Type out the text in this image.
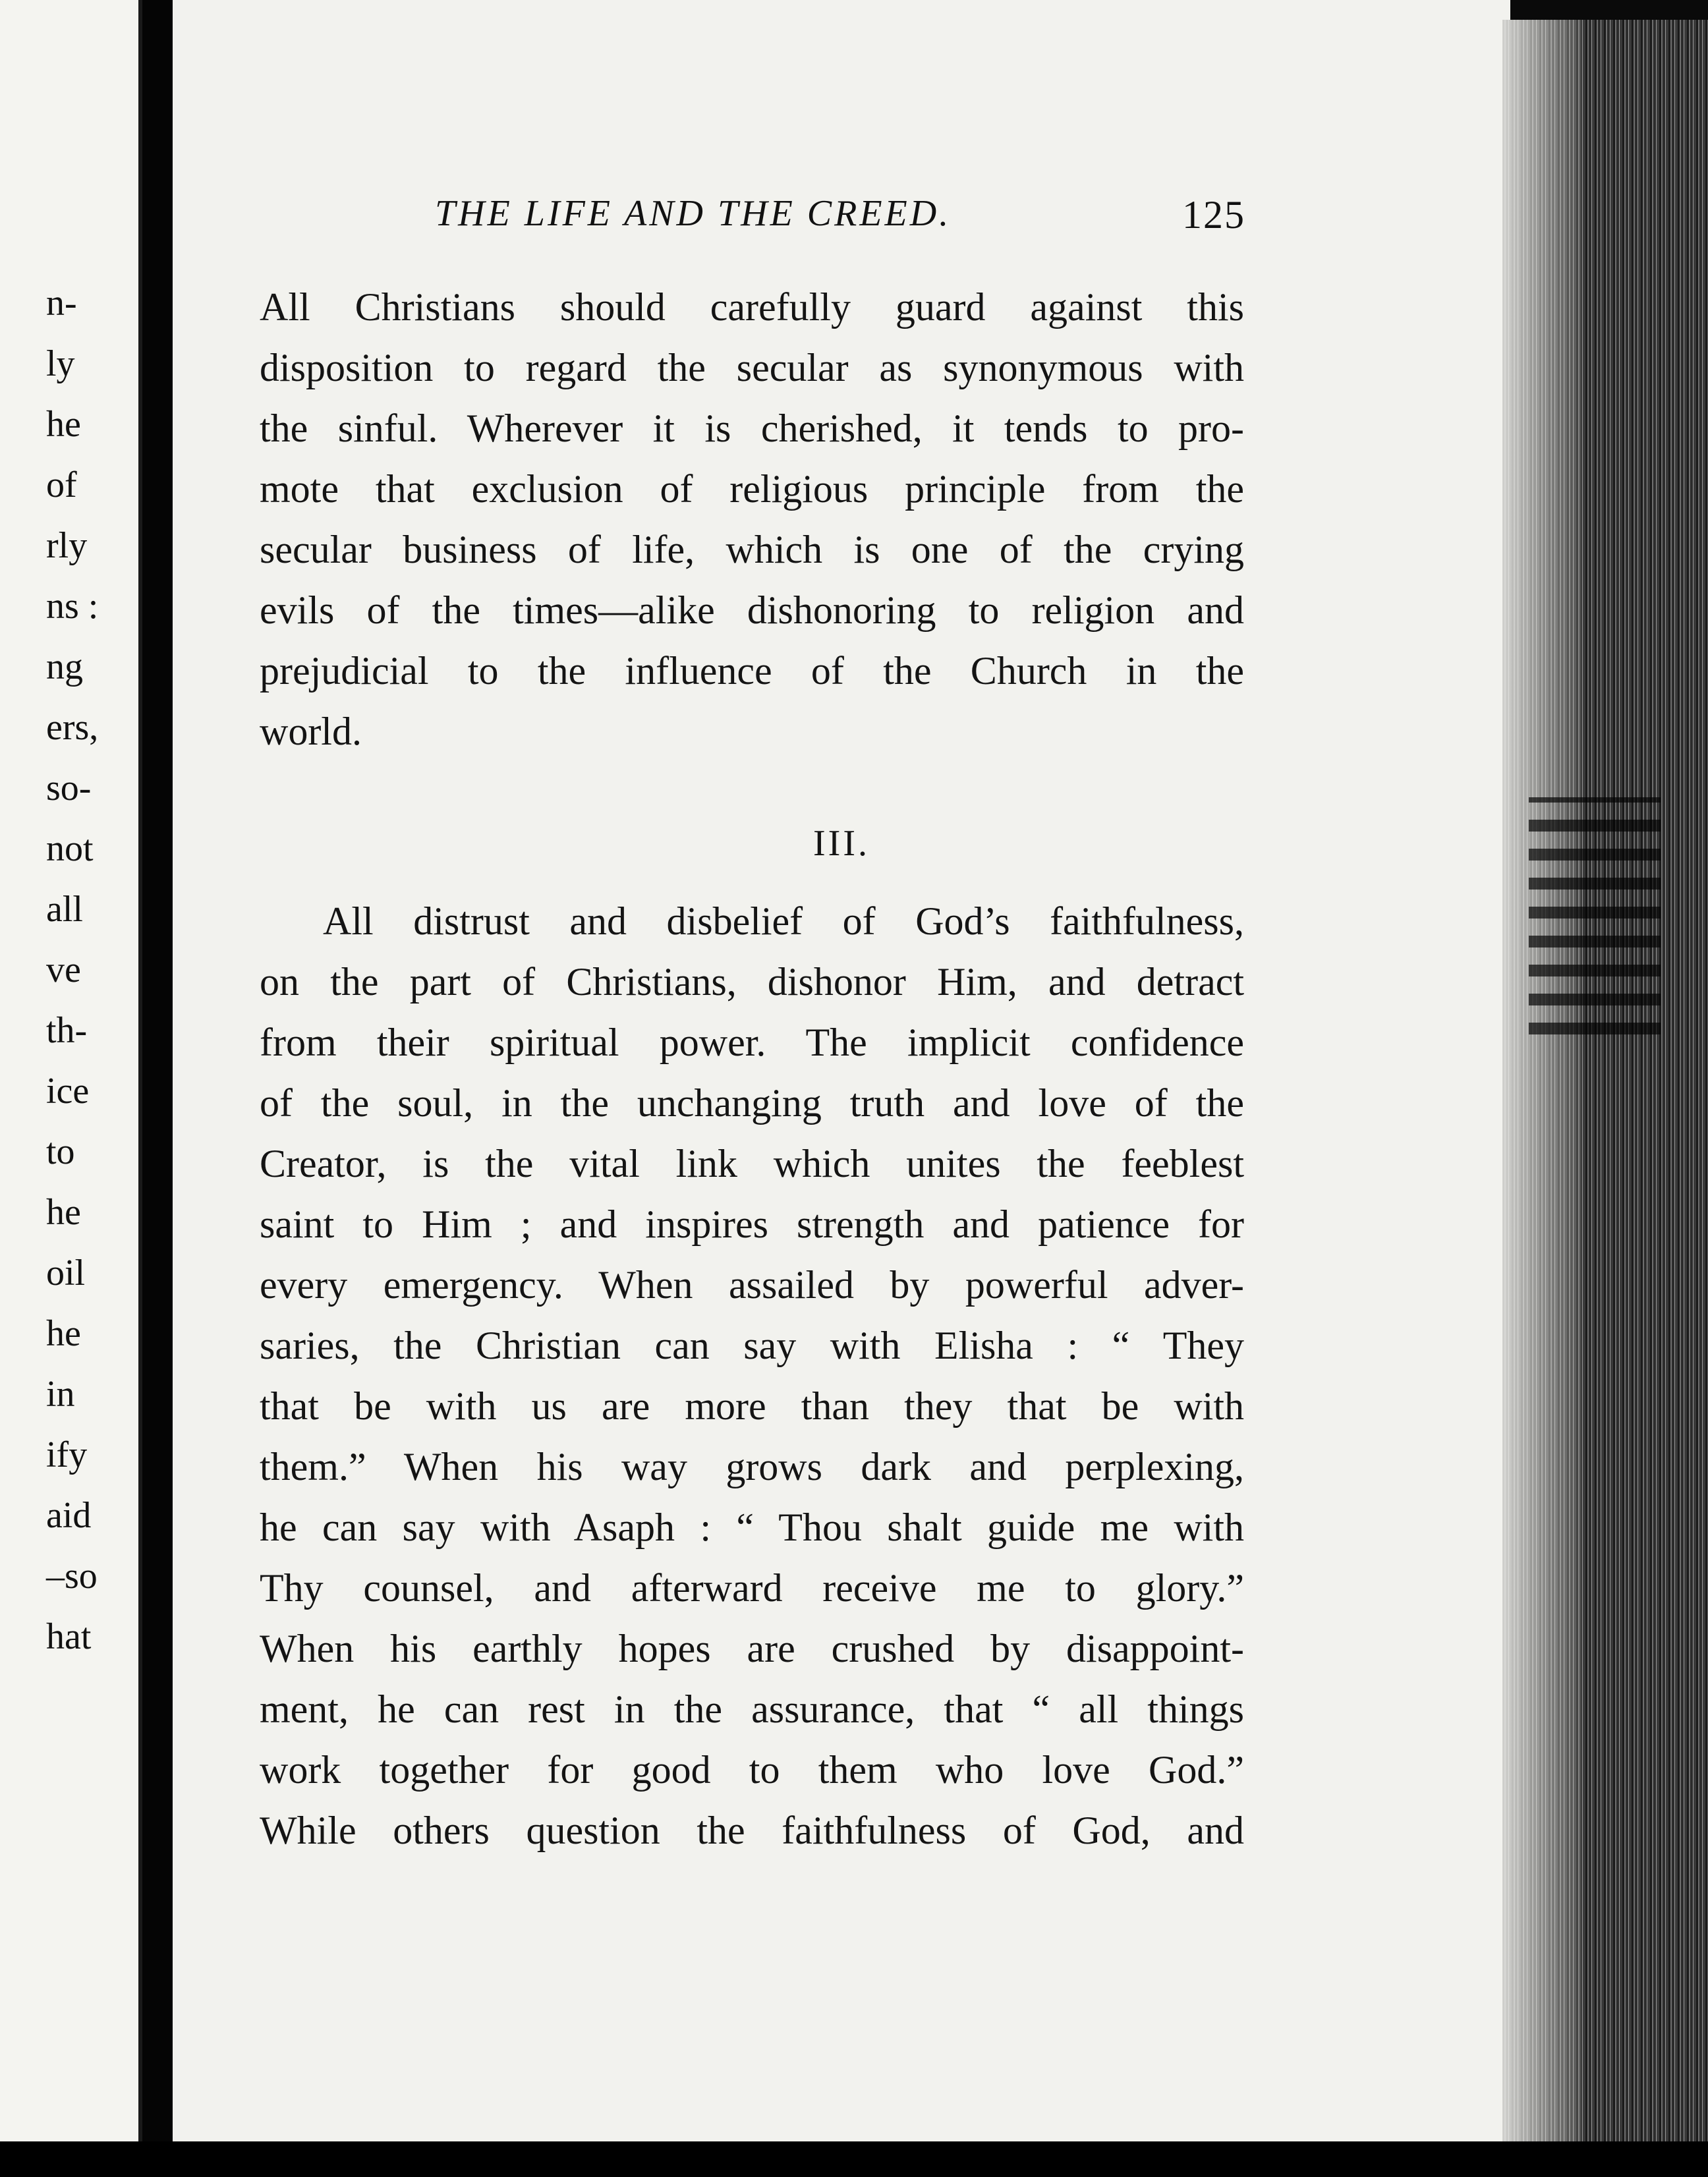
n-
ly
he
of
rly
ns :
ng
ers,
so-
not
all
ve
th-
ice
to
he
oil
he
in
ify
aid
–so
hat
THE LIFE AND THE CREED.	125
All Christians should carefully guard against this
disposition to regard the secular as synonymous with
the sinful. Wherever it is cherished, it tends to pro-
mote that exclusion of religious principle from the
secular business of life, which is one of the crying
evils of the times—alike dishonoring to religion and
prejudicial to the influence of the Church in the
world.
III.
All distrust and disbelief of God’s faithfulness,
on the part of Christians, dishonor Him, and detract
from their spiritual power. The implicit confidence
of the soul, in the unchanging truth and love of the
Creator, is the vital link which unites the feeblest
saint to Him ; and inspires strength and patience for
every emergency. When assailed by powerful adver-
saries, the Christian can say with Elisha : “ They
that be with us are more than they that be with
them.” When his way grows dark and perplexing,
he can say with Asaph : “ Thou shalt guide me with
Thy counsel, and afterward receive me to glory.”
When his earthly hopes are crushed by disappoint-
ment, he can rest in the assurance, that “ all things
work together for good to them who love God.”
While others question the faithfulness of God, and
